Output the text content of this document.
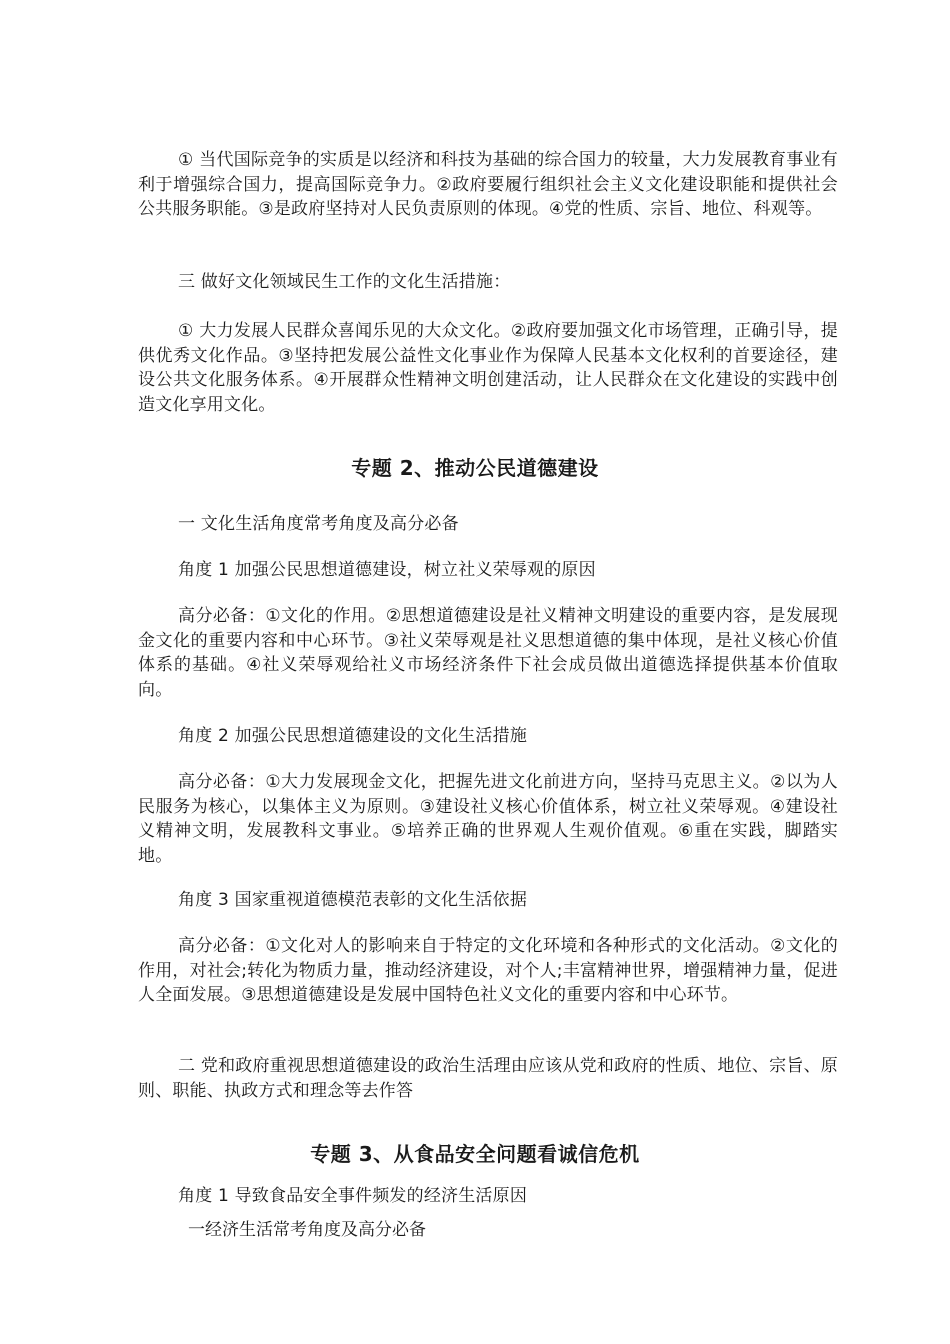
① 当代国际竞争的实质是以经济和科技为基础的综合国力的较量，大力发展教育事业有利于增强综合国力，提高国际竞争力。②政府要履行组织社会主义文化建设职能和提供社会公共服务职能。③是政府坚持对人民负责原则的体现。④党的性质、宗旨、地位、科观等。

三 做好文化领域民生工作的文化生活措施：

① 大力发展人民群众喜闻乐见的大众文化。②政府要加强文化市场管理，正确引导，提供优秀文化作品。③坚持把发展公益性文化事业作为保障人民基本文化权利的首要途径，建设公共文化服务体系。④开展群众性精神文明创建活动，让人民群众在文化建设的实践中创造文化享用文化。

专题 2、推动公民道德建设

一 文化生活角度常考角度及高分必备

角度 1 加强公民思想道德建设，树立社义荣辱观的原因

高分必备：①文化的作用。②思想道德建设是社义精神文明建设的重要内容，是发展现金文化的重要内容和中心环节。③社义荣辱观是社义思想道德的集中体现，是社义核心价值体系的基础。④社义荣辱观给社义市场经济条件下社会成员做出道德选择提供基本价值取向。

角度 2 加强公民思想道德建设的文化生活措施

高分必备：①大力发展现金文化，把握先进文化前进方向，坚持马克思主义。②以为人民服务为核心，以集体主义为原则。③建设社义核心价值体系，树立社义荣辱观。④建设社义精神文明，发展教科文事业。⑤培养正确的世界观人生观价值观。⑥重在实践，脚踏实地。

角度 3 国家重视道德模范表彰的文化生活依据

高分必备：①文化对人的影响来自于特定的文化环境和各种形式的文化活动。②文化的作用，对社会;转化为物质力量，推动经济建设，对个人;丰富精神世界，增强精神力量，促进人全面发展。③思想道德建设是发展中国特色社义文化的重要内容和中心环节。

二 党和政府重视思想道德建设的政治生活理由应该从党和政府的性质、地位、宗旨、原则、职能、执政方式和理念等去作答

专题 3、从食品安全问题看诚信危机

角度 1 导致食品安全事件频发的经济生活原因

一经济生活常考角度及高分必备
